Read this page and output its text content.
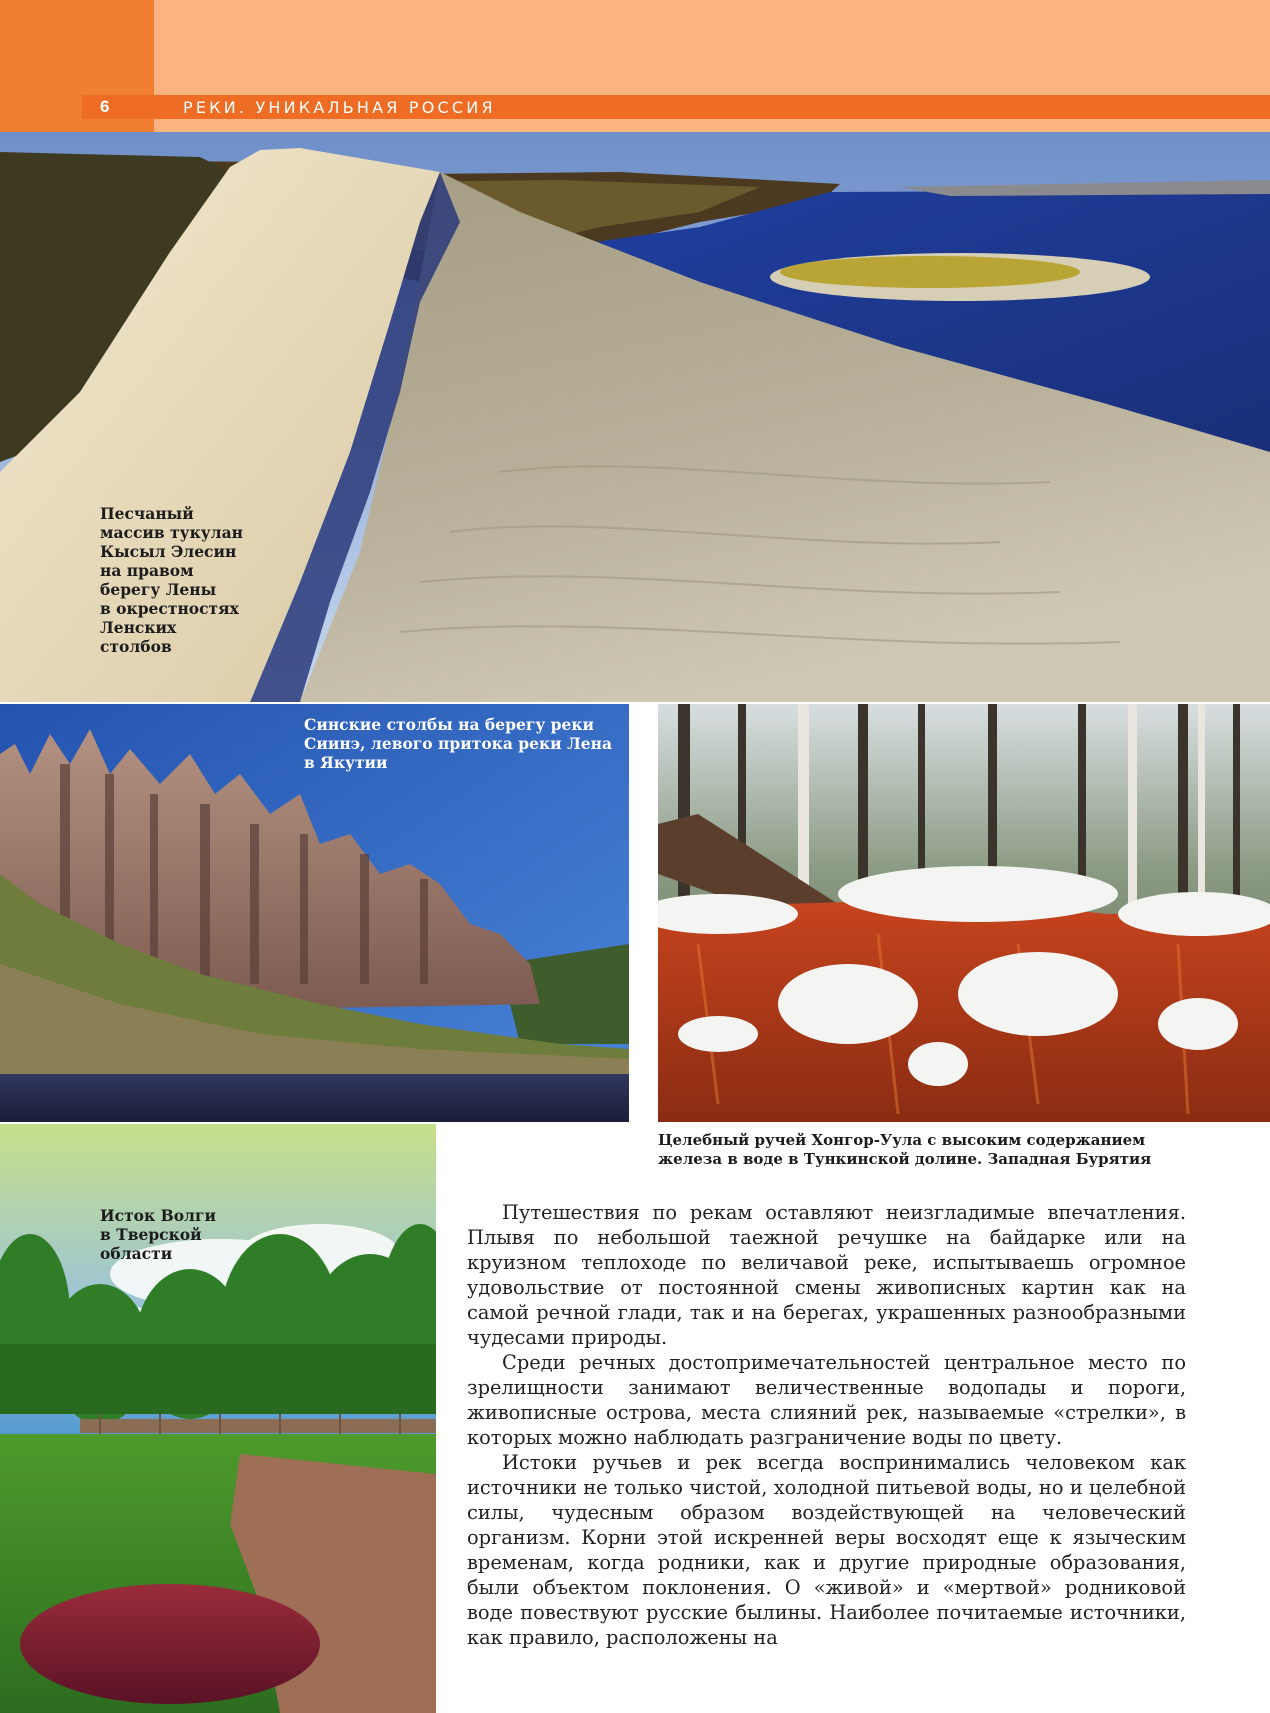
6	РЕКИ. УНИКАЛЬНАЯ РОССИЯ
Песчаный
массив тукулан
Кысыл Элесин
на правом
берегу Лены
в окрестностях
Ленских
столбов
Синские столбы на берегу реки
Сиинэ, левого притока реки Лена
в Якутии
Целебный ручей Хонгор-Уула с высоким содержанием
железа в воде в Тункинской долине. Западная Бурятия
Исток Волги
в Тверской
области

Путешествия по рекам оставляют неизгладимые впечатления. Плывя по небольшой таежной речушке на байдарке или на круизном теплоходе по величавой реке, испытываешь огромное удовольствие от постоянной смены живописных картин как на самой речной глади, так и на берегах, украшенных разнообразными чудесами природы.

Среди речных достопримечательностей центральное место по зрелищности занимают величественные водопады и пороги, живописные острова, места слияний рек, называемые «стрелки», в которых можно наблюдать разграничение воды по цвету.

Истоки ручьев и рек всегда воспринимались человеком как источники не только чистой, холодной питьевой воды, но и целебной силы, чудесным образом воздействующей на человеческий организм. Корни этой искренней веры восходят еще к языческим временам, когда родники, как и другие природные образования, были объектом поклонения. О «живой» и «мертвой» родниковой воде повествуют русские былины. Наиболее почитаемые источники, как правило, расположены на
